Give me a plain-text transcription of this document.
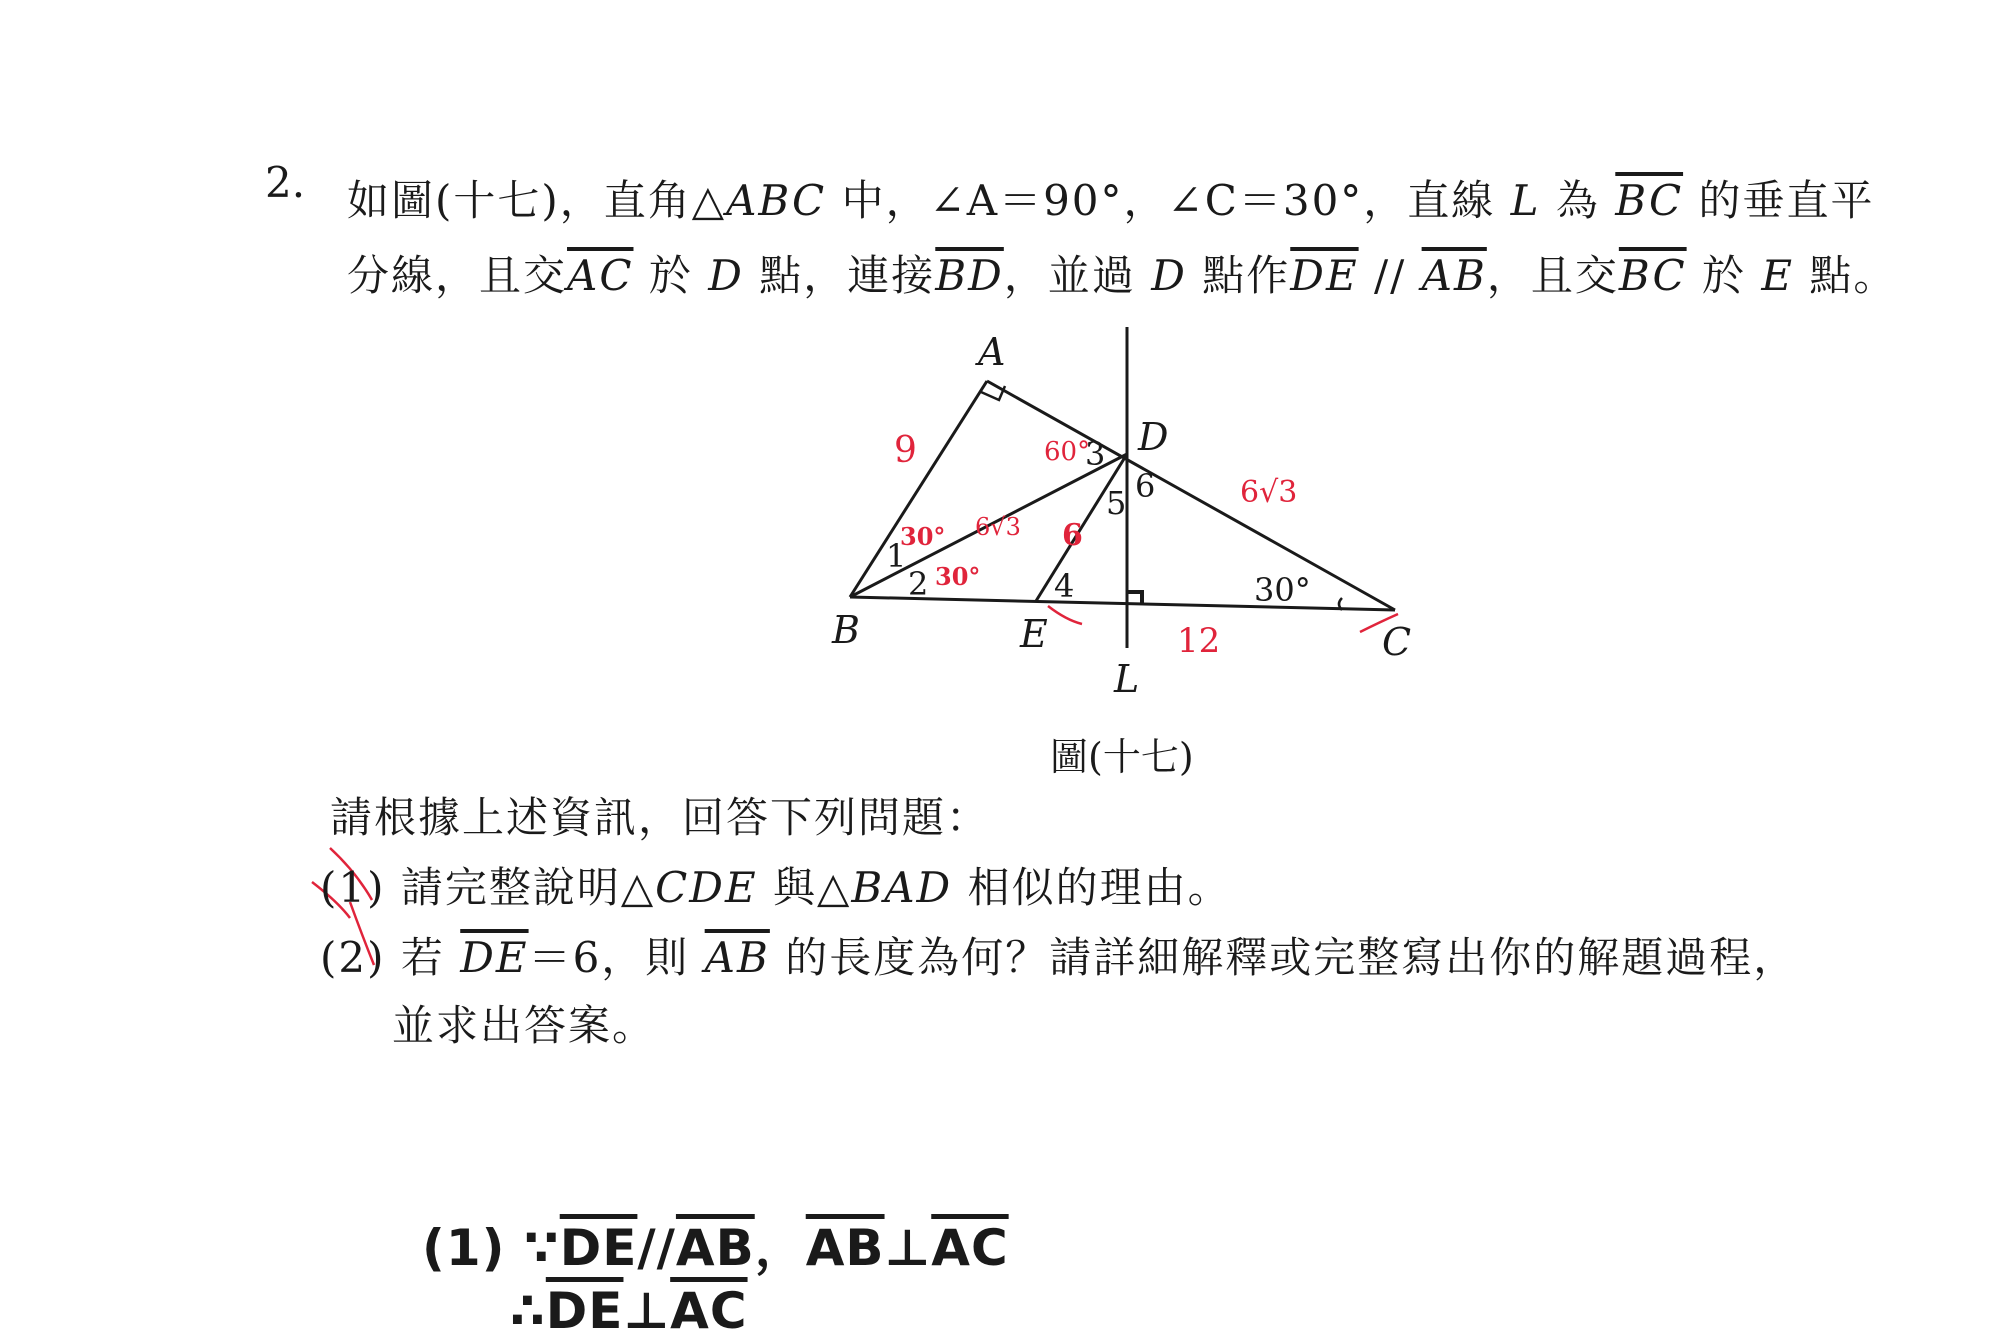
2. 如圖(十七)，直角△ABC 中，∠A＝90°，∠C＝30°，直線 L 為 $\overline{BC}$ 的垂直平
分線，且交$\overline{AC}$ 於 D 點，連接$\overline{BD}$，並過 D 點作$\overline{DE} // \overline{AB}$，且交$\overline{BC}$ 於 E 點。
A
D
B	E	C
L
1
2
3
4
5 6
30°
9	60°
30°
30°
6√3 6
6√3
12
圖(十七)
請根據上述資訊，回答下列問題：
(1) 請完整說明△CDE 與△BAD 相似的理由。
(2) 若 $\overline{DE}=6$，則 $\overline{AB}$ 的長度為何？請詳細解釋或完整寫出你的解題過程，
並求出答案。
(1) $\because\overline{DE}//\overline{AB}$，$\overline{AB}\perp\overline{AC}$
$\therefore\overline{DE}\perp\overline{AC}$
